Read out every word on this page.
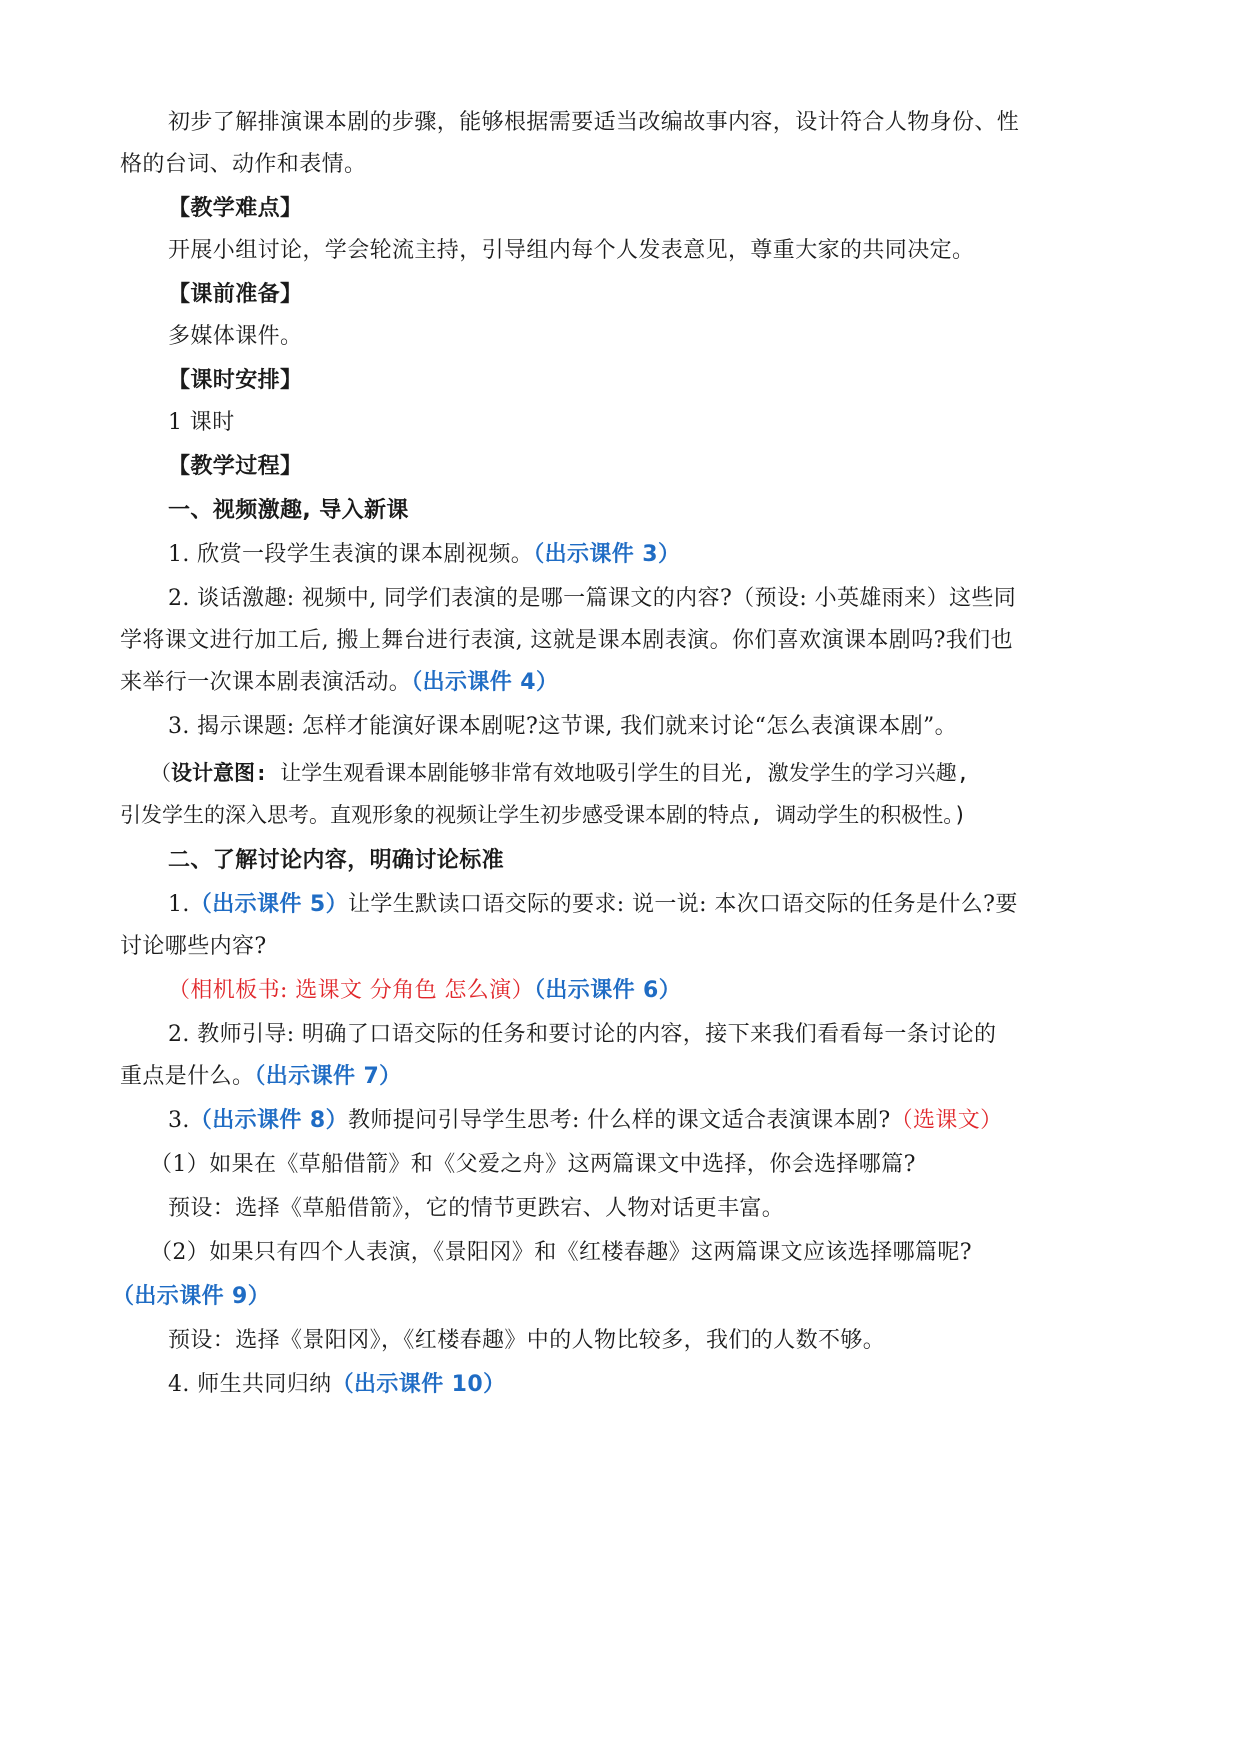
初步了解排演课本剧的步骤，能够根据需要适当改编故事内容，设计符合人物身份、性
格的台词、动作和表情。
【教学难点】
开展小组讨论，学会轮流主持，引导组内每个人发表意见，尊重大家的共同决定。
【课前准备】
多媒体课件。
【课时安排】
1 课时
【教学过程】
一、视频激趣, 导入新课
1. 欣赏一段学生表演的课本剧视频。（出示课件 3）
2. 谈话激趣: 视频中, 同学们表演的是哪一篇课文的内容?（预设: 小英雄雨来）这些同
学将课文进行加工后, 搬上舞台进行表演, 这就是课本剧表演。你们喜欢演课本剧吗?我们也
来举行一次课本剧表演活动。（出示课件 4）
3. 揭示课题: 怎样才能演好课本剧呢?这节课, 我们就来讨论“怎么表演课本剧”。
（设计意图: 让学生观看课本剧能够非常有效地吸引学生的目光, 激发学生的学习兴趣,
引发学生的深入思考。直观形象的视频让学生初步感受课本剧的特点, 调动学生的积极性。)
二、了解讨论内容，明确讨论标准
1.（出示课件 5）让学生默读口语交际的要求: 说一说: 本次口语交际的任务是什么?要
讨论哪些内容?
（相机板书: 选课文 分角色 怎么演）（出示课件 6）
2. 教师引导: 明确了口语交际的任务和要讨论的内容，接下来我们看看每一条讨论的
重点是什么。（出示课件 7）
3.（出示课件 8）教师提问引导学生思考: 什么样的课文适合表演课本剧?（选课文）
（1）如果在《草船借箭》和《父爱之舟》这两篇课文中选择，你会选择哪篇?
预设：选择《草船借箭》，它的情节更跌宕、人物对话更丰富。
（2）如果只有四个人表演，《景阳冈》和《红楼春趣》这两篇课文应该选择哪篇呢?
（出示课件 9）
预设：选择《景阳冈》，《红楼春趣》中的人物比较多，我们的人数不够。
4. 师生共同归纳（出示课件 10）
